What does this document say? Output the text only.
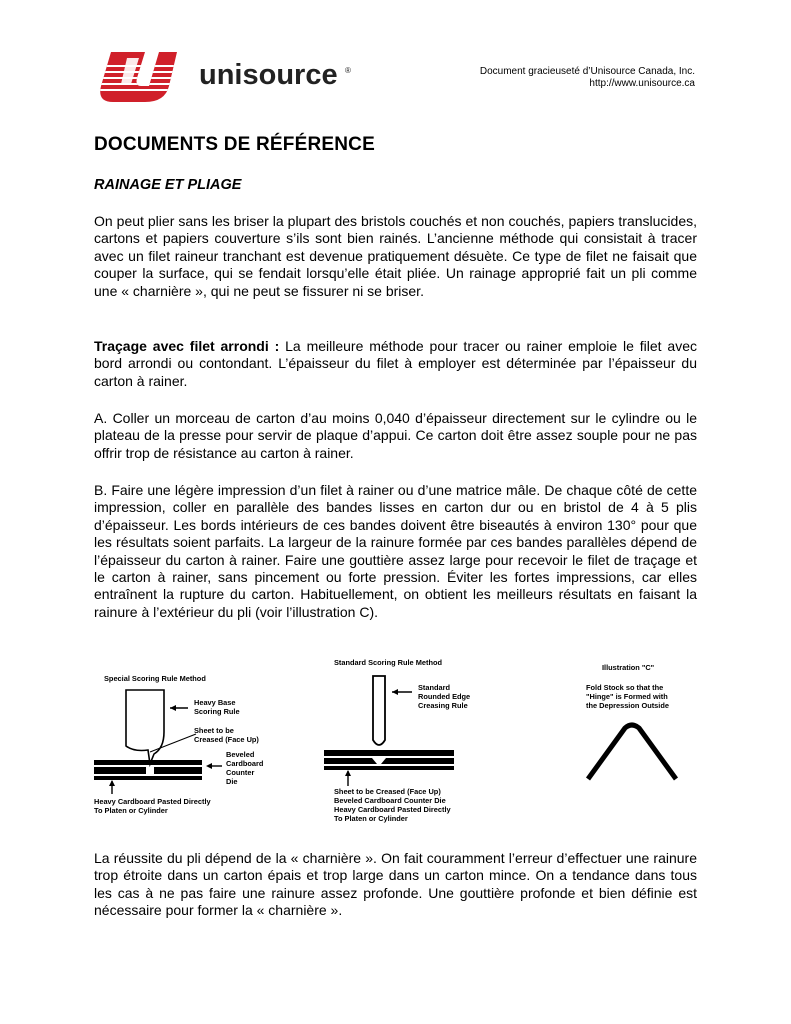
unisource ®	Document gracieuseté d’Unisource Canada, Inc.
http://www.unisource.ca
DOCUMENTS DE RÉFÉRENCE
RAINAGE ET PLIAGE

On peut plier sans les briser la plupart des bristols couchés et non couchés, papiers translucides, cartons et papiers couverture s’ils sont bien rainés. L’ancienne méthode qui consistait à tracer avec un filet raineur tranchant est devenue pratiquement désuète. Ce type de filet ne faisait que couper la surface, qui se fendait lorsqu’elle était pliée. Un rainage approprié fait un pli comme une « charnière », qui ne peut se fissurer ni se briser.

Traçage avec filet arrondi : La meilleure méthode pour tracer ou rainer emploie le filet avec bord arrondi ou contondant. L’épaisseur du filet à employer est déterminée par l’épaisseur du carton à rainer.

A. Coller un morceau de carton d’au moins 0,040 d’épaisseur directement sur le cylindre ou le plateau de la presse pour servir de plaque d’appui. Ce carton doit être assez souple pour ne pas offrir trop de résistance au carton à rainer.

B. Faire une légère impression d’un filet à rainer ou d’une matrice mâle. De chaque côté de cette impression, coller en parallèle des bandes lisses en carton dur ou en bristol de 4 à 5 plis d’épaisseur. Les bords intérieurs de ces bandes doivent être biseautés à environ 130° pour que les résultats soient parfaits. La largeur de la rainure formée par ces bandes parallèles dépend de l’épaisseur du carton à rainer. Faire une gouttière assez large pour recevoir le filet de traçage et le carton à rainer, sans pincement ou forte pression. Éviter les fortes impressions, car elles entraînent la rupture du carton. Habituellement, on obtient les meilleurs résultats en faisant la rainure à l’extérieur du pli (voir l’illustration C).

Special Scoring Rule Method
Heavy Base
Scoring Rule
Sheet to be
Creased (Face Up)
Beveled
Cardboard
Counter
Die
Heavy Cardboard Pasted Directly
To Platen or Cylinder
Standard Scoring Rule Method
Standard
Rounded Edge
Creasing Rule
Sheet to be Creased (Face Up)
Beveled Cardboard Counter Die
Heavy Cardboard Pasted Directly
To Platen or Cylinder
Illustration "C"
Fold Stock so that the
"Hinge" is Formed with
the Depression Outside

La réussite du pli dépend de la « charnière ». On fait couramment l’erreur d’effectuer une rainure trop étroite dans un carton épais et trop large dans un carton mince. On a tendance dans tous les cas à ne pas faire une rainure assez profonde. Une gouttière profonde et bien définie est nécessaire pour former la « charnière ».
